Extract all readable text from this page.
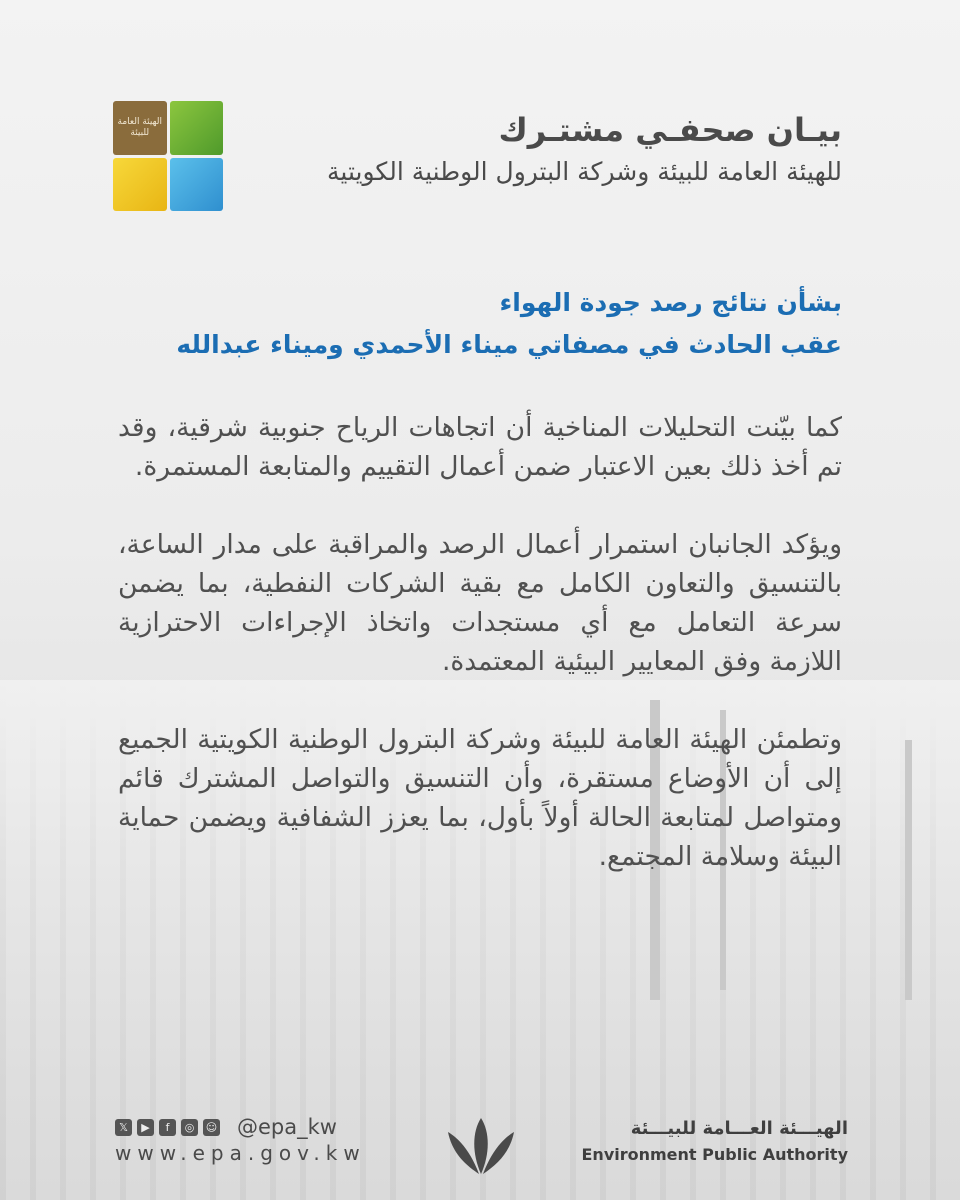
الهيئة العامة للبيئة	بيـان صحفـي مشتـرك
للهيئة العامة للبيئة وشركة البترول الوطنية الكويتية
بشأن نتائج رصد جودة الهواء
عقب الحادث في مصفاتي ميناء الأحمدي وميناء عبدالله

كما بيّنت التحليلات المناخية أن اتجاهات الرياح جنوبية شرقية، وقد تم أخذ ذلك بعين الاعتبار ضمن أعمال التقييم والمتابعة المستمرة.

ويؤكد الجانبان استمرار أعمال الرصد والمراقبة على مدار الساعة، بالتنسيق والتعاون الكامل مع بقية الشركات النفطية، بما يضمن سرعة التعامل مع أي مستجدات واتخاذ الإجراءات الاحترازية اللازمة وفق المعايير البيئية المعتمدة.

وتطمئن الهيئة العامة للبيئة وشركة البترول الوطنية الكويتية الجميع إلى أن الأوضاع مستقرة، وأن التنسيق والتواصل المشترك قائم ومتواصل لمتابعة الحالة أولاً بأول، بما يعزز الشفافية ويضمن حماية البيئة وسلامة المجتمع.

𝕏	▶	f	◎	☺ @epa_kw
www.epa.gov.kw
الهيـــئة العـــامة للبيـــئة
Environment Public Authority
